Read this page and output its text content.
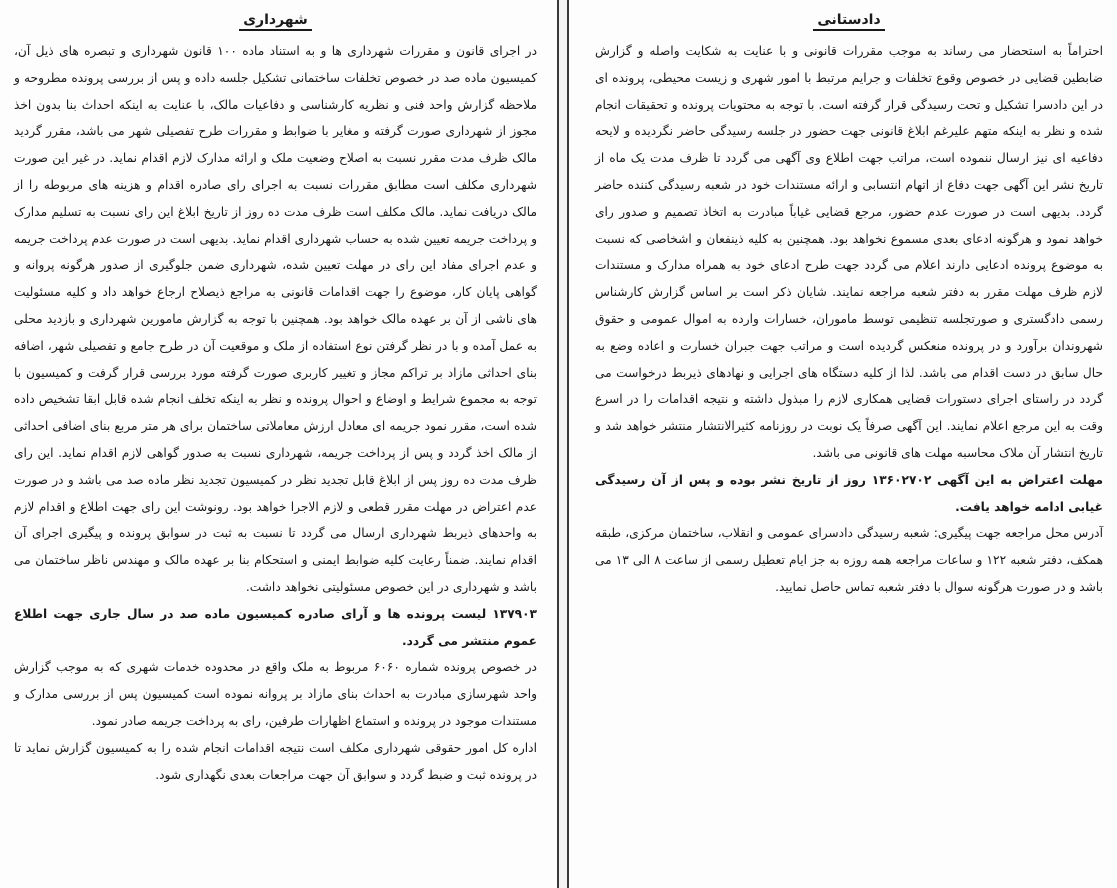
شهرداری

در اجرای قانون و مقررات شهرداری ها و به استناد ماده ۱۰۰ قانون شهرداری و تبصره های ذیل آن، کمیسیون ماده صد در خصوص تخلفات ساختمانی تشکیل جلسه داده و پس از بررسی پرونده مطروحه و ملاحظه گزارش واحد فنی و نظریه کارشناسی و دفاعیات مالک، با عنایت به اینکه احداث بنا بدون اخذ مجوز از شهرداری صورت گرفته و مغایر با ضوابط و مقررات طرح تفصیلی شهر می باشد، مقرر گردید مالک ظرف مدت مقرر نسبت به اصلاح وضعیت ملک و ارائه مدارک لازم اقدام نماید. در غیر این صورت شهرداری مکلف است مطابق مقررات نسبت به اجرای رای صادره اقدام و هزینه های مربوطه را از مالک دریافت نماید. مالک مکلف است ظرف مدت ده روز از تاریخ ابلاغ این رای نسبت به تسلیم مدارک و پرداخت جریمه تعیین شده به حساب شهرداری اقدام نماید. بدیهی است در صورت عدم پرداخت جریمه و عدم اجرای مفاد این رای در مهلت تعیین شده، شهرداری ضمن جلوگیری از صدور هرگونه پروانه و گواهی پایان کار، موضوع را جهت اقدامات قانونی به مراجع ذیصلاح ارجاع خواهد داد و کلیه مسئولیت های ناشی از آن بر عهده مالک خواهد بود. همچنین با توجه به گزارش مامورین شهرداری و بازدید محلی به عمل آمده و با در نظر گرفتن نوع استفاده از ملک و موقعیت آن در طرح جامع و تفصیلی شهر، اضافه بنای احداثی مازاد بر تراکم مجاز و تغییر کاربری صورت گرفته مورد بررسی قرار گرفت و کمیسیون با توجه به مجموع شرایط و اوضاع و احوال پرونده و نظر به اینکه تخلف انجام شده قابل ابقا تشخیص داده شده است، مقرر نمود جریمه ای معادل ارزش معاملاتی ساختمان برای هر متر مربع بنای اضافی احداثی از مالک اخذ گردد و پس از پرداخت جریمه، شهرداری نسبت به صدور گواهی لازم اقدام نماید. این رای ظرف مدت ده روز پس از ابلاغ قابل تجدید نظر در کمیسیون تجدید نظر ماده صد می باشد و در صورت عدم اعتراض در مهلت مقرر قطعی و لازم الاجرا خواهد بود. رونوشت این رای جهت اطلاع و اقدام لازم به واحدهای ذیربط شهرداری ارسال می گردد تا نسبت به ثبت در سوابق پرونده و پیگیری اجرای آن اقدام نمایند. ضمناً رعایت کلیه ضوابط ایمنی و استحکام بنا بر عهده مالک و مهندس ناظر ساختمان می باشد و شهرداری در این خصوص مسئولیتی نخواهد داشت.

۱۳۷۹۰۳ لیست پرونده ها و آرای صادره کمیسیون ماده صد در سال جاری جهت اطلاع عموم منتشر می گردد.

در خصوص پرونده شماره ۶۰۶۰ مربوط به ملک واقع در محدوده خدمات شهری که به موجب گزارش واحد شهرسازی مبادرت به احداث بنای مازاد بر پروانه نموده است کمیسیون پس از بررسی مدارک و مستندات موجود در پرونده و استماع اظهارات طرفین، رای به پرداخت جریمه صادر نمود.

اداره کل امور حقوقی شهرداری مکلف است نتیجه اقدامات انجام شده را به کمیسیون گزارش نماید تا در پرونده ثبت و ضبط گردد و سوابق آن جهت مراجعات بعدی نگهداری شود.

دادستانی

احتراماً به استحضار می رساند به موجب مقررات قانونی و با عنایت به شکایت واصله و گزارش ضابطین قضایی در خصوص وقوع تخلفات و جرایم مرتبط با امور شهری و زیست محیطی، پرونده ای در این دادسرا تشکیل و تحت رسیدگی قرار گرفته است. با توجه به محتویات پرونده و تحقیقات انجام شده و نظر به اینکه متهم علیرغم ابلاغ قانونی جهت حضور در جلسه رسیدگی حاضر نگردیده و لایحه دفاعیه ای نیز ارسال ننموده است، مراتب جهت اطلاع وی آگهی می گردد تا ظرف مدت یک ماه از تاریخ نشر این آگهی جهت دفاع از اتهام انتسابی و ارائه مستندات خود در شعبه رسیدگی کننده حاضر گردد. بدیهی است در صورت عدم حضور، مرجع قضایی غیاباً مبادرت به اتخاذ تصمیم و صدور رای خواهد نمود و هرگونه ادعای بعدی مسموع نخواهد بود. همچنین به کلیه ذینفعان و اشخاصی که نسبت به موضوع پرونده ادعایی دارند اعلام می گردد جهت طرح ادعای خود به همراه مدارک و مستندات لازم ظرف مهلت مقرر به دفتر شعبه مراجعه نمایند. شایان ذکر است بر اساس گزارش کارشناس رسمی دادگستری و صورتجلسه تنظیمی توسط ماموران، خسارات وارده به اموال عمومی و حقوق شهروندان برآورد و در پرونده منعکس گردیده است و مراتب جهت جبران خسارت و اعاده وضع به حال سابق در دست اقدام می باشد. لذا از کلیه دستگاه های اجرایی و نهادهای ذیربط درخواست می گردد در راستای اجرای دستورات قضایی همکاری لازم را مبذول داشته و نتیجه اقدامات را در اسرع وقت به این مرجع اعلام نمایند. این آگهی صرفاً یک نوبت در روزنامه کثیرالانتشار منتشر خواهد شد و تاریخ انتشار آن ملاک محاسبه مهلت های قانونی می باشد.

مهلت اعتراض به این آگهی ۱۳۶۰۲۷۰۲ روز از تاریخ نشر بوده و پس از آن رسیدگی غیابی ادامه خواهد یافت.

آدرس محل مراجعه جهت پیگیری: شعبه رسیدگی دادسرای عمومی و انقلاب، ساختمان مرکزی، طبقه همکف، دفتر شعبه ۱۲۲ و ساعات مراجعه همه روزه به جز ایام تعطیل رسمی از ساعت ۸ الی ۱۳ می باشد و در صورت هرگونه سوال با دفتر شعبه تماس حاصل نمایید.
